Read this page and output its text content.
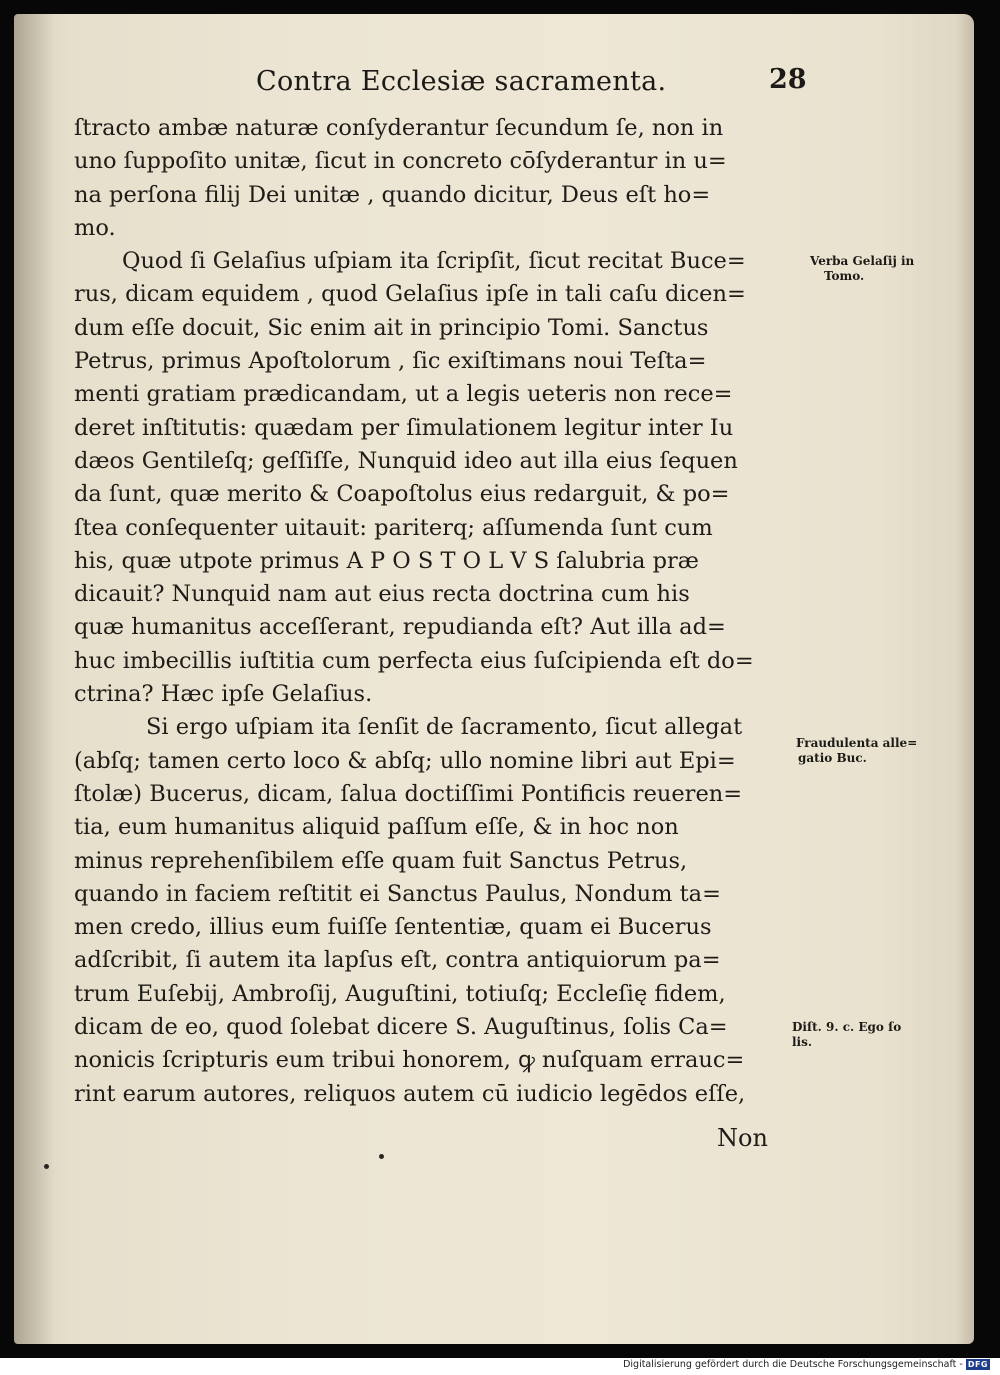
Contra Ecclesiæ sacramenta.	28
ſtracto ambæ naturæ conſyderantur ſecundum ſe, non in
uno ſuppoſito unitæ, ſicut in concreto cōſyderantur in u=
na perſona filij Dei unitæ , quando dicitur, Deus eſt ho=
mo.
Quod ſi Gelaſius uſpiam ita ſcripſit, ſicut recitat Buce=
rus, dicam equidem , quod Gelaſius ipſe in tali caſu dicen=
dum eſſe docuit, Sic enim ait in principio Tomi. Sanctus
Petrus, primus Apoſtolorum , ſic exiſtimans noui Teſta=
menti gratiam prædicandam, ut a legis ueteris non rece=
deret inſtitutis: quædam per ſimulationem legitur inter Iu
dæos Gentileſq; geſſiſſe, Nunquid ideo aut illa eius ſequen
da ſunt, quæ merito & Coapoſtolus eius redarguit, & po=
ſtea conſequenter uitauit: pariterq; aſſumenda ſunt cum
his, quæ utpote primus A P O S T O L V S ſalubria præ
dicauit? Nunquid nam aut eius recta doctrina cum his
quæ humanitus acceſſerant, repudianda eſt? Aut illa ad=
huc imbecillis iuſtitia cum perfecta eius ſuſcipienda eſt do=
ctrina? Hæc ipſe Gelaſius.
Si ergo uſpiam ita ſenſit de ſacramento, ſicut allegat
(abſq; tamen certo loco & abſq; ullo nomine libri aut Epi=
ſtolæ) Bucerus, dicam, ſalua doctiſſimi Pontificis reueren=
tia, eum humanitus aliquid paſſum eſſe, & in hoc non
minus reprehenſibilem eſſe quam fuit Sanctus Petrus,
quando in faciem reſtitit ei Sanctus Paulus, Nondum ta=
men credo, illius eum fuiſſe ſententiæ, quam ei Bucerus
adſcribit, ſi autem ita lapſus eſt, contra antiquiorum pa=
trum Euſebij, Ambroſij, Auguſtini, totiuſq; Eccleſię fidem,
dicam de eo, quod ſolebat dicere S. Auguſtinus, ſolis Ca=
nonicis ſcripturis eum tribui honorem, ꝙ nuſquam errauc=
rint earum autores, reliquos autem cū iudicio legēdos eſſe,
Non
Verba Gelaſij in
Tomo.
Fraudulenta alle=
gatio Buc.
Diſt. 9. c. Ego ſo
lis.
Digitalisierung gefördert durch die Deutsche Forschungsgemeinschaft - DFG
